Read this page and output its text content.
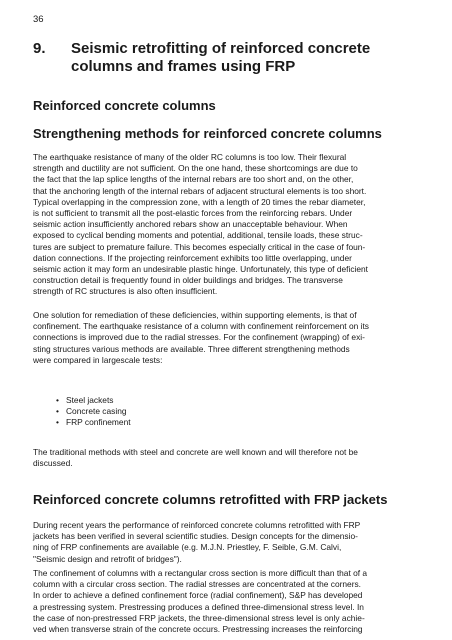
36
9. Seismic retrofitting of reinforced concrete columns and frames using FRP
Reinforced concrete columns
Strengthening methods for reinforced concrete columns
The earthquake resistance of many of the older RC columns is too low. Their flexural
strength and ductility are not sufficient. On the one hand, these shortcomings are due to
the fact that the lap splice lengths of the internal rebars are too short and, on the other,
that the anchoring length of the internal rebars of adjacent structural elements is too short.
Typical overlapping in the compression zone, with a length of 20 times the rebar diameter,
is not sufficient to transmit all the post-elastic forces from the reinforcing rebars. Under
seismic action insufficiently anchored rebars show an unacceptable behaviour. When
exposed to cyclical bending moments and potential, additional, tensile loads, these struc-
tures are subject to premature failure. This becomes especially critical in the case of foun-
dation connections. If the projecting reinforcement exhibits too little overlapping, under
seismic action it may form an undesirable plastic hinge. Unfortunately, this type of deficient
construction detail is frequently found in older buildings and bridges. The transverse
strength of RC structures is also often insufficient.
One solution for remediation of these deficiencies, within supporting elements, is that of
confinement. The earthquake resistance of a column with confinement reinforcement on its
connections is improved due to the radial stresses. For the confinement (wrapping) of exi-
sting structures various methods are available. Three different strengthening methods
were compared in largescale tests:
• Steel jackets
• Concrete casing
• FRP confinement
The traditional methods with steel and concrete are well known and will therefore not be
discussed.
Reinforced concrete columns retrofitted with FRP jackets
During recent years the performance of reinforced concrete columns retrofitted with FRP
jackets has been verified in several scientific studies. Design concepts for the dimensio-
ning of FRP confinements are available (e.g. M.J.N. Priestley, F. Seible, G.M. Calvi,
"Seismic design and retrofit of bridges").
The confinement of columns with a rectangular cross section is more difficult than that of a
column with a circular cross section. The radial stresses are concentrated at the corners.
In order to achieve a defined confinement force (radial confinement), S&P has developed
a prestressing system. Prestressing produces a defined three-dimensional stress level. In
the case of non-prestressed FRP jackets, the three-dimensional stress level is only achie-
ved when transverse strain of the concrete occurs. Prestressing increases the reinforcing
